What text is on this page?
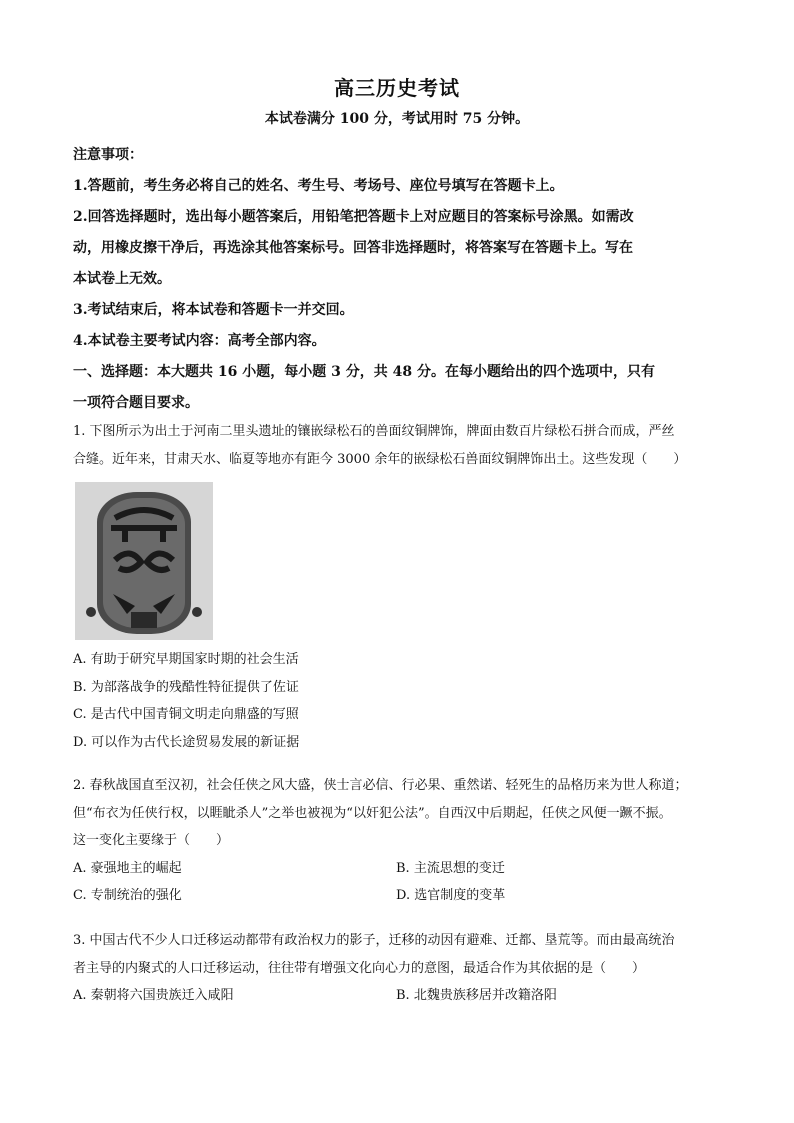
高三历史考试
本试卷满分 100 分，考试用时 75 分钟。

注意事项：

1.答题前，考生务必将自己的姓名、考生号、考场号、座位号填写在答题卡上。

2.回答选择题时，选出每小题答案后，用铅笔把答题卡上对应题目的答案标号涂黑。如需改

动，用橡皮擦干净后，再选涂其他答案标号。回答非选择题时，将答案写在答题卡上。写在

本试卷上无效。

3.考试结束后，将本试卷和答题卡一并交回。

4.本试卷主要考试内容：高考全部内容。

一、选择题：本大题共 16 小题，每小题 3 分，共 48 分。在每小题给出的四个选项中，只有

一项符合题目要求。

1. 下图所示为出土于河南二里头遗址的镶嵌绿松石的兽面纹铜牌饰，牌面由数百片绿松石拼合而成，严丝

合缝。近年来，甘肃天水、临夏等地亦有距今 3000 余年的嵌绿松石兽面纹铜牌饰出土。这些发现（　　）

A. 有助于研究早期国家时期的社会生活

B. 为部落战争的残酷性特征提供了佐证

C. 是古代中国青铜文明走向鼎盛的写照

D. 可以作为古代长途贸易发展的新证据

2. 春秋战国直至汉初，社会任侠之风大盛，侠士言必信、行必果、重然诺、轻死生的品格历来为世人称道；

但“布衣为任侠行权，以睚眦杀人”之举也被视为“以奸犯公法”。自西汉中后期起，任侠之风便一蹶不振。

这一变化主要缘于（　　）

A. 豪强地主的崛起	B. 主流思想的变迁

C. 专制统治的强化	D. 选官制度的变革

3. 中国古代不少人口迁移运动都带有政治权力的影子，迁移的动因有避难、迁都、垦荒等。而由最高统治

者主导的内聚式的人口迁移运动，往往带有增强文化向心力的意图，最适合作为其依据的是（　　）

A. 秦朝将六国贵族迁入咸阳	B. 北魏贵族移居并改籍洛阳
